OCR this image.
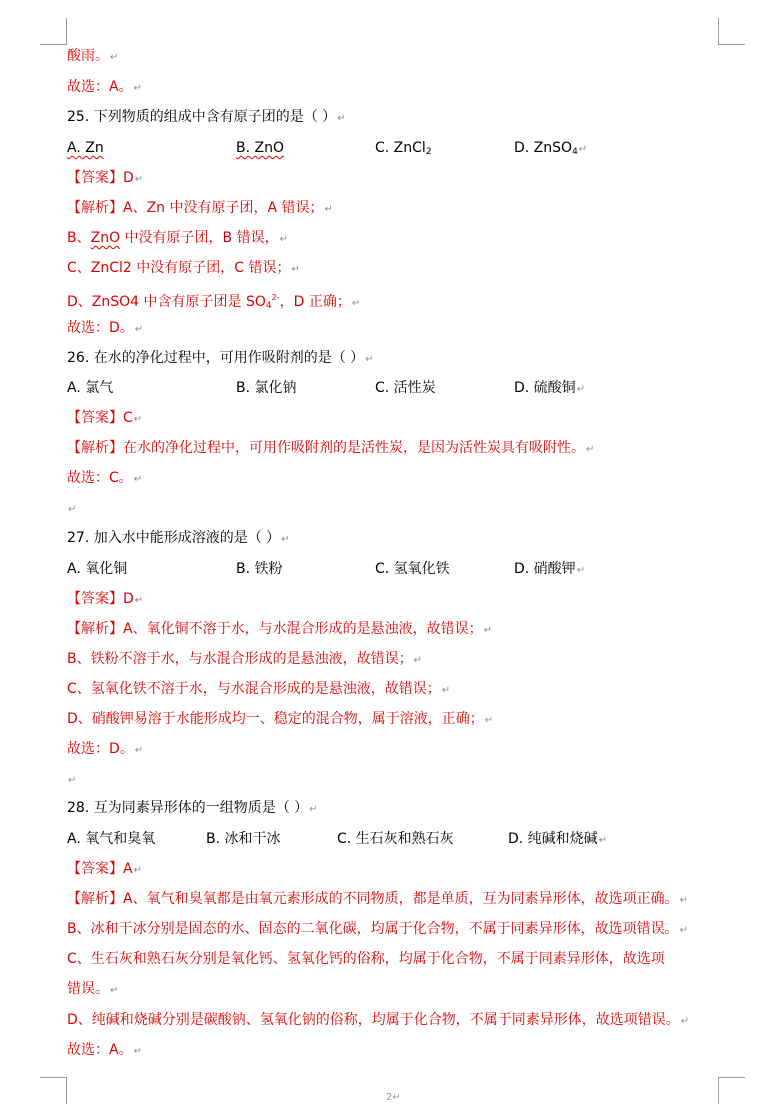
酸雨。↵
故选：A。↵
25. 下列物质的组成中含有原子团的是（ ）↵
A. Zn	B. ZnO	C. ZnCl$_2$	D. ZnSO$_4$↵
【答案】D↵
【解析】A、Zn 中没有原子团，A 错误；↵
B、ZnO 中没有原子团，B 错误，↵
C、ZnCl2 中没有原子团，C 错误；↵
D、ZnSO4 中含有原子团是 $SO_4^{2-}$，D 正确；↵
故选：D。↵
26. 在水的净化过程中，可用作吸附剂的是（ ）↵
A. 氯气	B. 氯化钠	C. 活性炭	D. 硫酸铜↵
【答案】C↵
【解析】在水的净化过程中，可用作吸附剂的是活性炭，是因为活性炭具有吸附性。↵
故选：C。↵
↵
27. 加入水中能形成溶液的是（ ）↵
A. 氧化铜	B. 铁粉	C. 氢氧化铁	D. 硝酸钾↵
【答案】D↵
【解析】A、氧化铜不溶于水，与水混合形成的是悬浊液，故错误；↵
B、铁粉不溶于水，与水混合形成的是悬浊液，故错误；↵
C、氢氧化铁不溶于水，与水混合形成的是悬浊液，故错误；↵
D、硝酸钾易溶于水能形成均一、稳定的混合物，属于溶液，正确；↵
故选：D。↵
↵
28. 互为同素异形体的一组物质是（ ）↵
A. 氧气和臭氧	B. 冰和干冰	C. 生石灰和熟石灰	D. 纯碱和烧碱↵
【答案】A↵
【解析】A、氧气和臭氧都是由氧元素形成的不同物质，都是单质，互为同素异形体，故选项正确。↵
B、冰和干冰分别是固态的水、固态的二氧化碳，均属于化合物，不属于同素异形体，故选项错误。↵
C、生石灰和熟石灰分别是氧化钙、氢氧化钙的俗称，均属于化合物，不属于同素异形体，故选项
错误。↵
D、纯碱和烧碱分别是碳酸钠、氢氧化钠的俗称，均属于化合物，不属于同素异形体，故选项错误。↵
故选：A。↵
2↵
